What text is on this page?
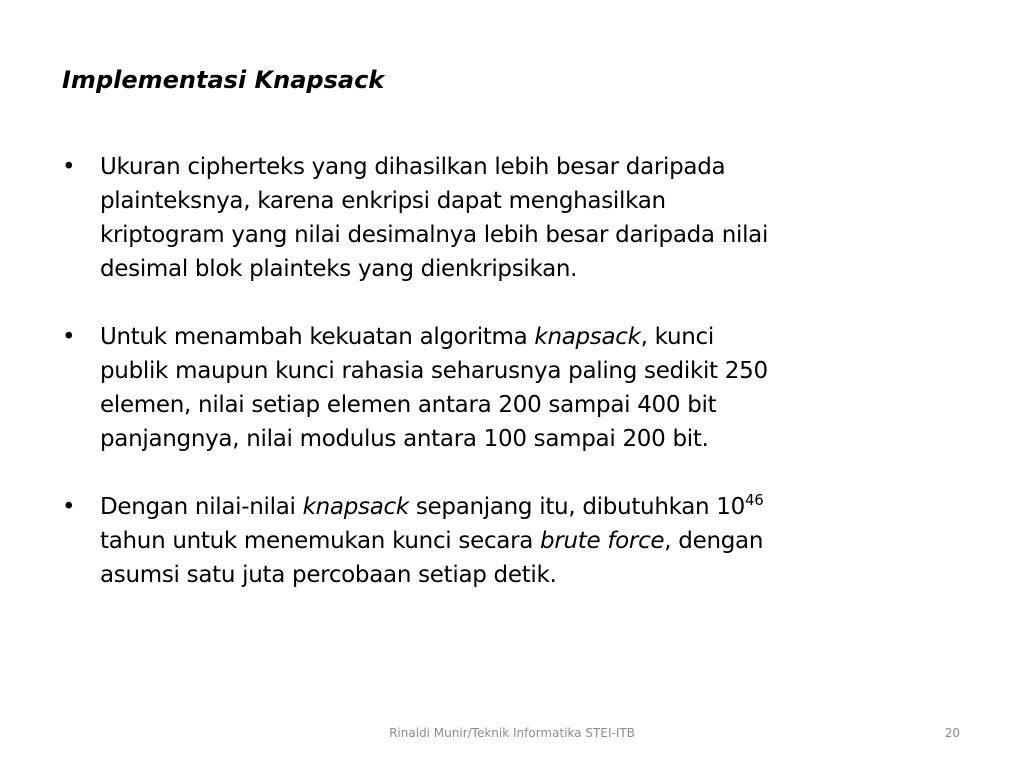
Implementasi Knapsack
• Ukuran cipherteks yang dihasilkan lebih besar daripada
plainteksnya, karena enkripsi dapat menghasilkan
kriptogram yang nilai desimalnya lebih besar daripada nilai
desimal blok plainteks yang dienkripsikan.
• Untuk menambah kekuatan algoritma knapsack, kunci
publik maupun kunci rahasia seharusnya paling sedikit 250
elemen, nilai setiap elemen antara 200 sampai 400 bit
panjangnya, nilai modulus antara 100 sampai 200 bit.
• Dengan nilai-nilai knapsack sepanjang itu, dibutuhkan $10^{46}$
tahun untuk menemukan kunci secara brute force, dengan
asumsi satu juta percobaan setiap detik.
Rinaldi Munir/Teknik Informatika STEI-ITB	20
